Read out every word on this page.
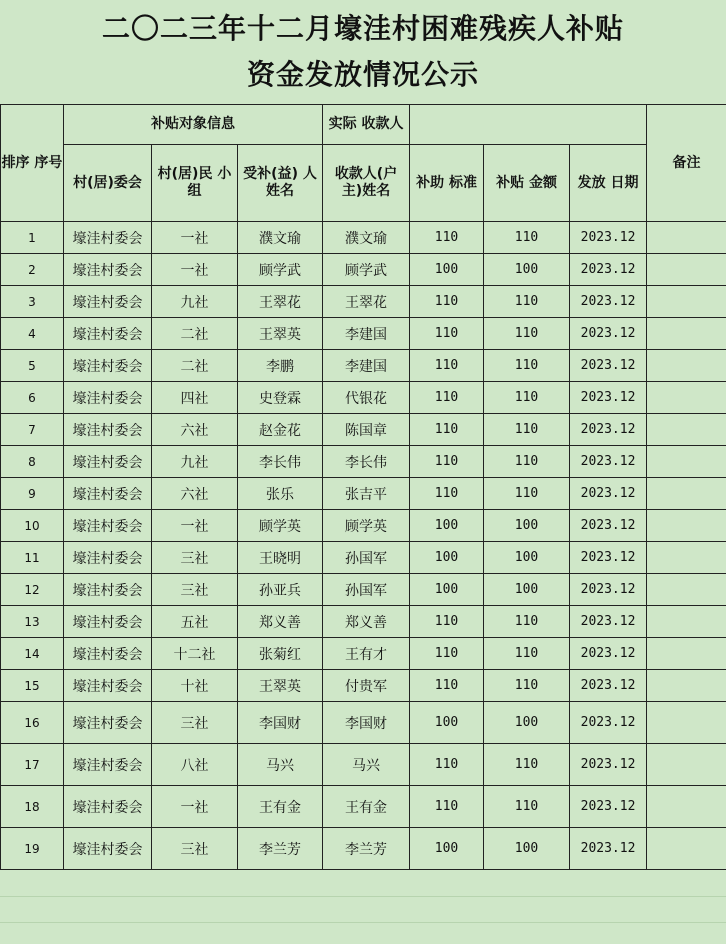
二〇二三年十二月壕洼村困难残疾人补贴
资金发放情况公示
排序 序号	补贴对象信息			实际 收款人				备注
	村(居)委会	村(居)民 小组	受补(益) 人姓名	收款人(户 主)姓名	补助 标准	补贴 金额	发放 日期	
1	壕洼村委会	一社	濮文瑜	濮文瑜	110	110	2023.12	
2	壕洼村委会	一社	顾学武	顾学武	100	100	2023.12	
3	壕洼村委会	九社	王翠花	王翠花	110	110	2023.12	
4	壕洼村委会	二社	王翠英	李建国	110	110	2023.12	
5	壕洼村委会	二社	李鹏	李建国	110	110	2023.12	
6	壕洼村委会	四社	史登霖	代银花	110	110	2023.12	
7	壕洼村委会	六社	赵金花	陈国章	110	110	2023.12	
8	壕洼村委会	九社	李长伟	李长伟	110	110	2023.12	
9	壕洼村委会	六社	张乐	张吉平	110	110	2023.12	
10	壕洼村委会	一社	顾学英	顾学英	100	100	2023.12	
11	壕洼村委会	三社	王晓明	孙国军	100	100	2023.12	
12	壕洼村委会	三社	孙亚兵	孙国军	100	100	2023.12	
13	壕洼村委会	五社	郑义善	郑义善	110	110	2023.12	
14	壕洼村委会	十二社	张菊红	王有才	110	110	2023.12	
15	壕洼村委会	十社	王翠英	付贵军	110	110	2023.12	
16	壕洼村委会	三社	李国财	李国财	100	100	2023.12	
17	壕洼村委会	八社	马兴	马兴	110	110	2023.12	
18	壕洼村委会	一社	王有金	王有金	110	110	2023.12	
19	壕洼村委会	三社	李兰芳	李兰芳	100	100	2023.12	
